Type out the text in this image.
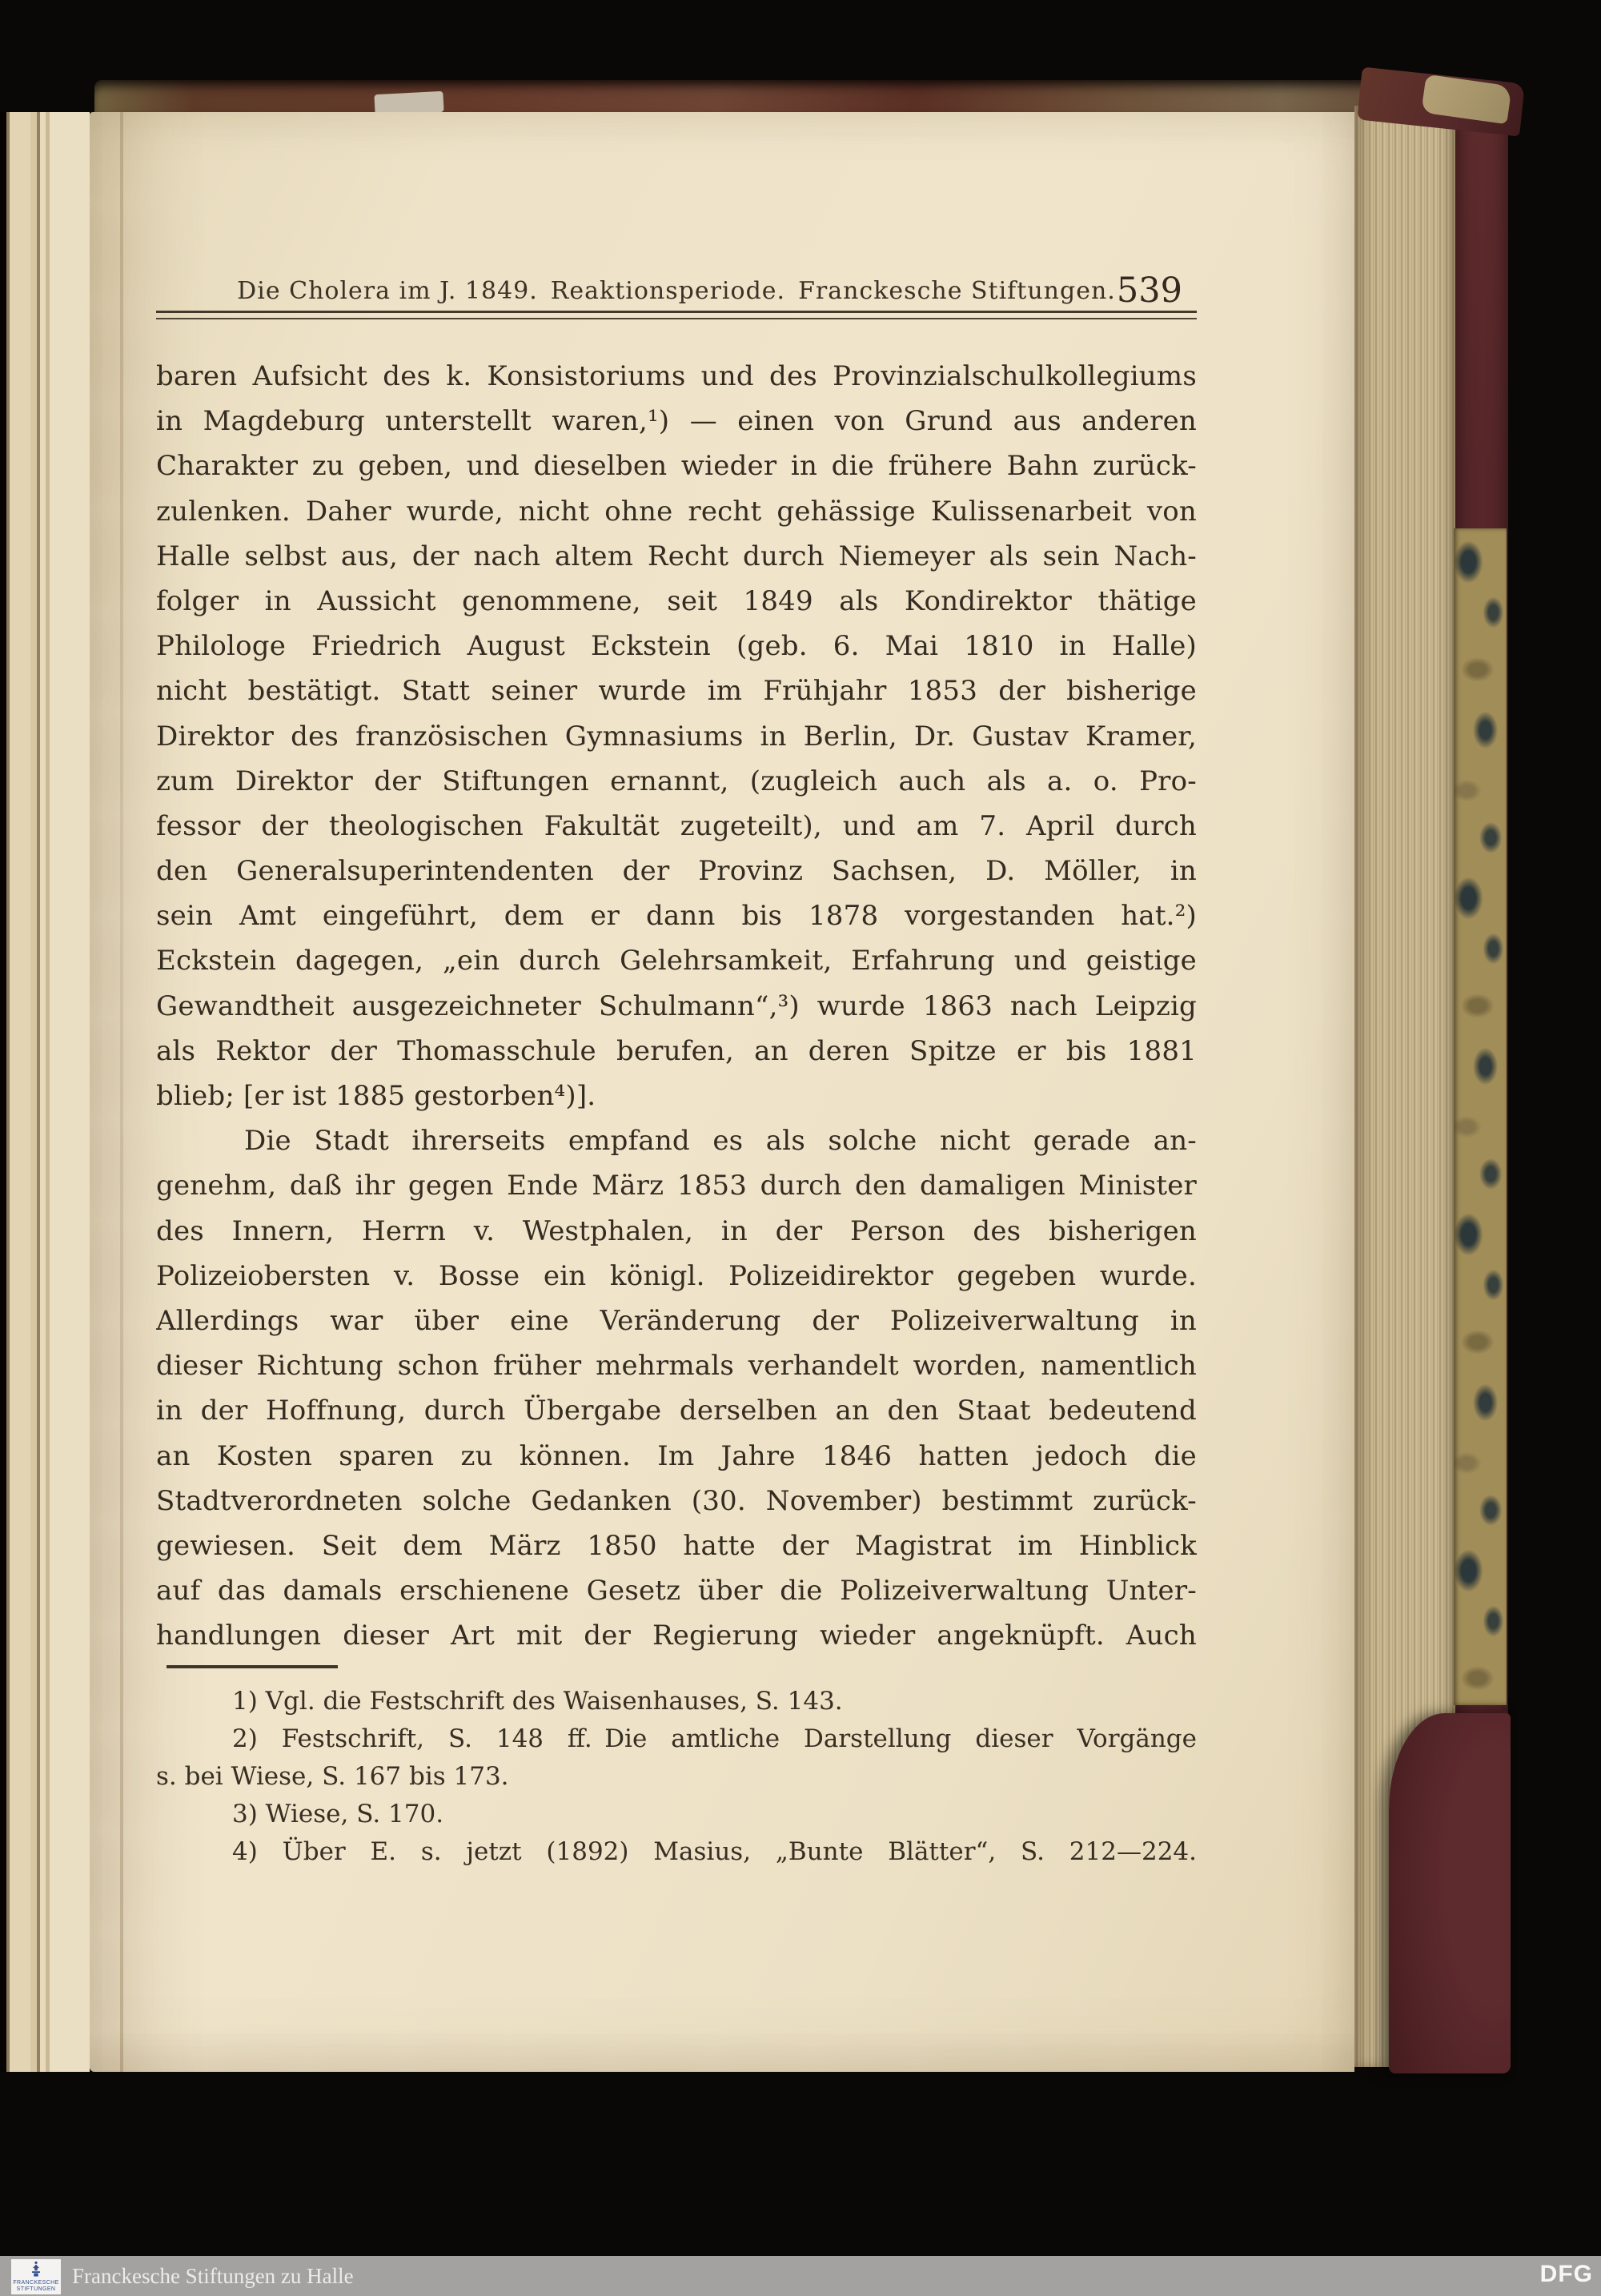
Die Cholera im J. 1849. Reaktionsperiode. Franckesche Stiftungen. 539
baren Aufsicht des k. Konsistoriums und des Provinzialschulkollegiums
in Magdeburg unterstellt waren,¹) — einen von Grund aus anderen
Charakter zu geben, und dieselben wieder in die frühere Bahn zurück-
zulenken. Daher wurde, nicht ohne recht gehässige Kulissenarbeit von
Halle selbst aus, der nach altem Recht durch Niemeyer als sein Nach-
folger in Aussicht genommene, seit 1849 als Kondirektor thätige
Philologe Friedrich August Eckstein (geb. 6. Mai 1810 in Halle)
nicht bestätigt. Statt seiner wurde im Frühjahr 1853 der bisherige
Direktor des französischen Gymnasiums in Berlin, Dr. Gustav Kramer,
zum Direktor der Stiftungen ernannt, (zugleich auch als a. o. Pro-
fessor der theologischen Fakultät zugeteilt), und am 7. April durch
den Generalsuperintendenten der Provinz Sachsen, D. Möller, in
sein Amt eingeführt, dem er dann bis 1878 vorgestanden hat.²)
Eckstein dagegen, „ein durch Gelehrsamkeit, Erfahrung und geistige
Gewandtheit ausgezeichneter Schulmann“,³) wurde 1863 nach Leipzig
als Rektor der Thomasschule berufen, an deren Spitze er bis 1881
blieb; [er ist 1885 gestorben⁴)].
Die Stadt ihrerseits empfand es als solche nicht gerade an-
genehm, daß ihr gegen Ende März 1853 durch den damaligen Minister
des Innern, Herrn v. Westphalen, in der Person des bisherigen
Polizeiobersten v. Bosse ein königl. Polizeidirektor gegeben wurde.
Allerdings war über eine Veränderung der Polizeiverwaltung in
dieser Richtung schon früher mehrmals verhandelt worden, namentlich
in der Hoffnung, durch Übergabe derselben an den Staat bedeutend
an Kosten sparen zu können. Im Jahre 1846 hatten jedoch die
Stadtverordneten solche Gedanken (30. November) bestimmt zurück-
gewiesen. Seit dem März 1850 hatte der Magistrat im Hinblick
auf das damals erschienene Gesetz über die Polizeiverwaltung Unter-
handlungen dieser Art mit der Regierung wieder angeknüpft. Auch
1) Vgl. die Festschrift des Waisenhauses, S. 143.
2) Festschrift, S. 148 ff. Die amtliche Darstellung dieser Vorgänge
s. bei Wiese, S. 167 bis 173.
3) Wiese, S. 170.
4) Über E. s. jetzt (1892) Masius, „Bunte Blätter“, S. 212—224.
FRANCKESCHE
STIFTUNGEN
Franckesche Stiftungen zu Halle	DFG
